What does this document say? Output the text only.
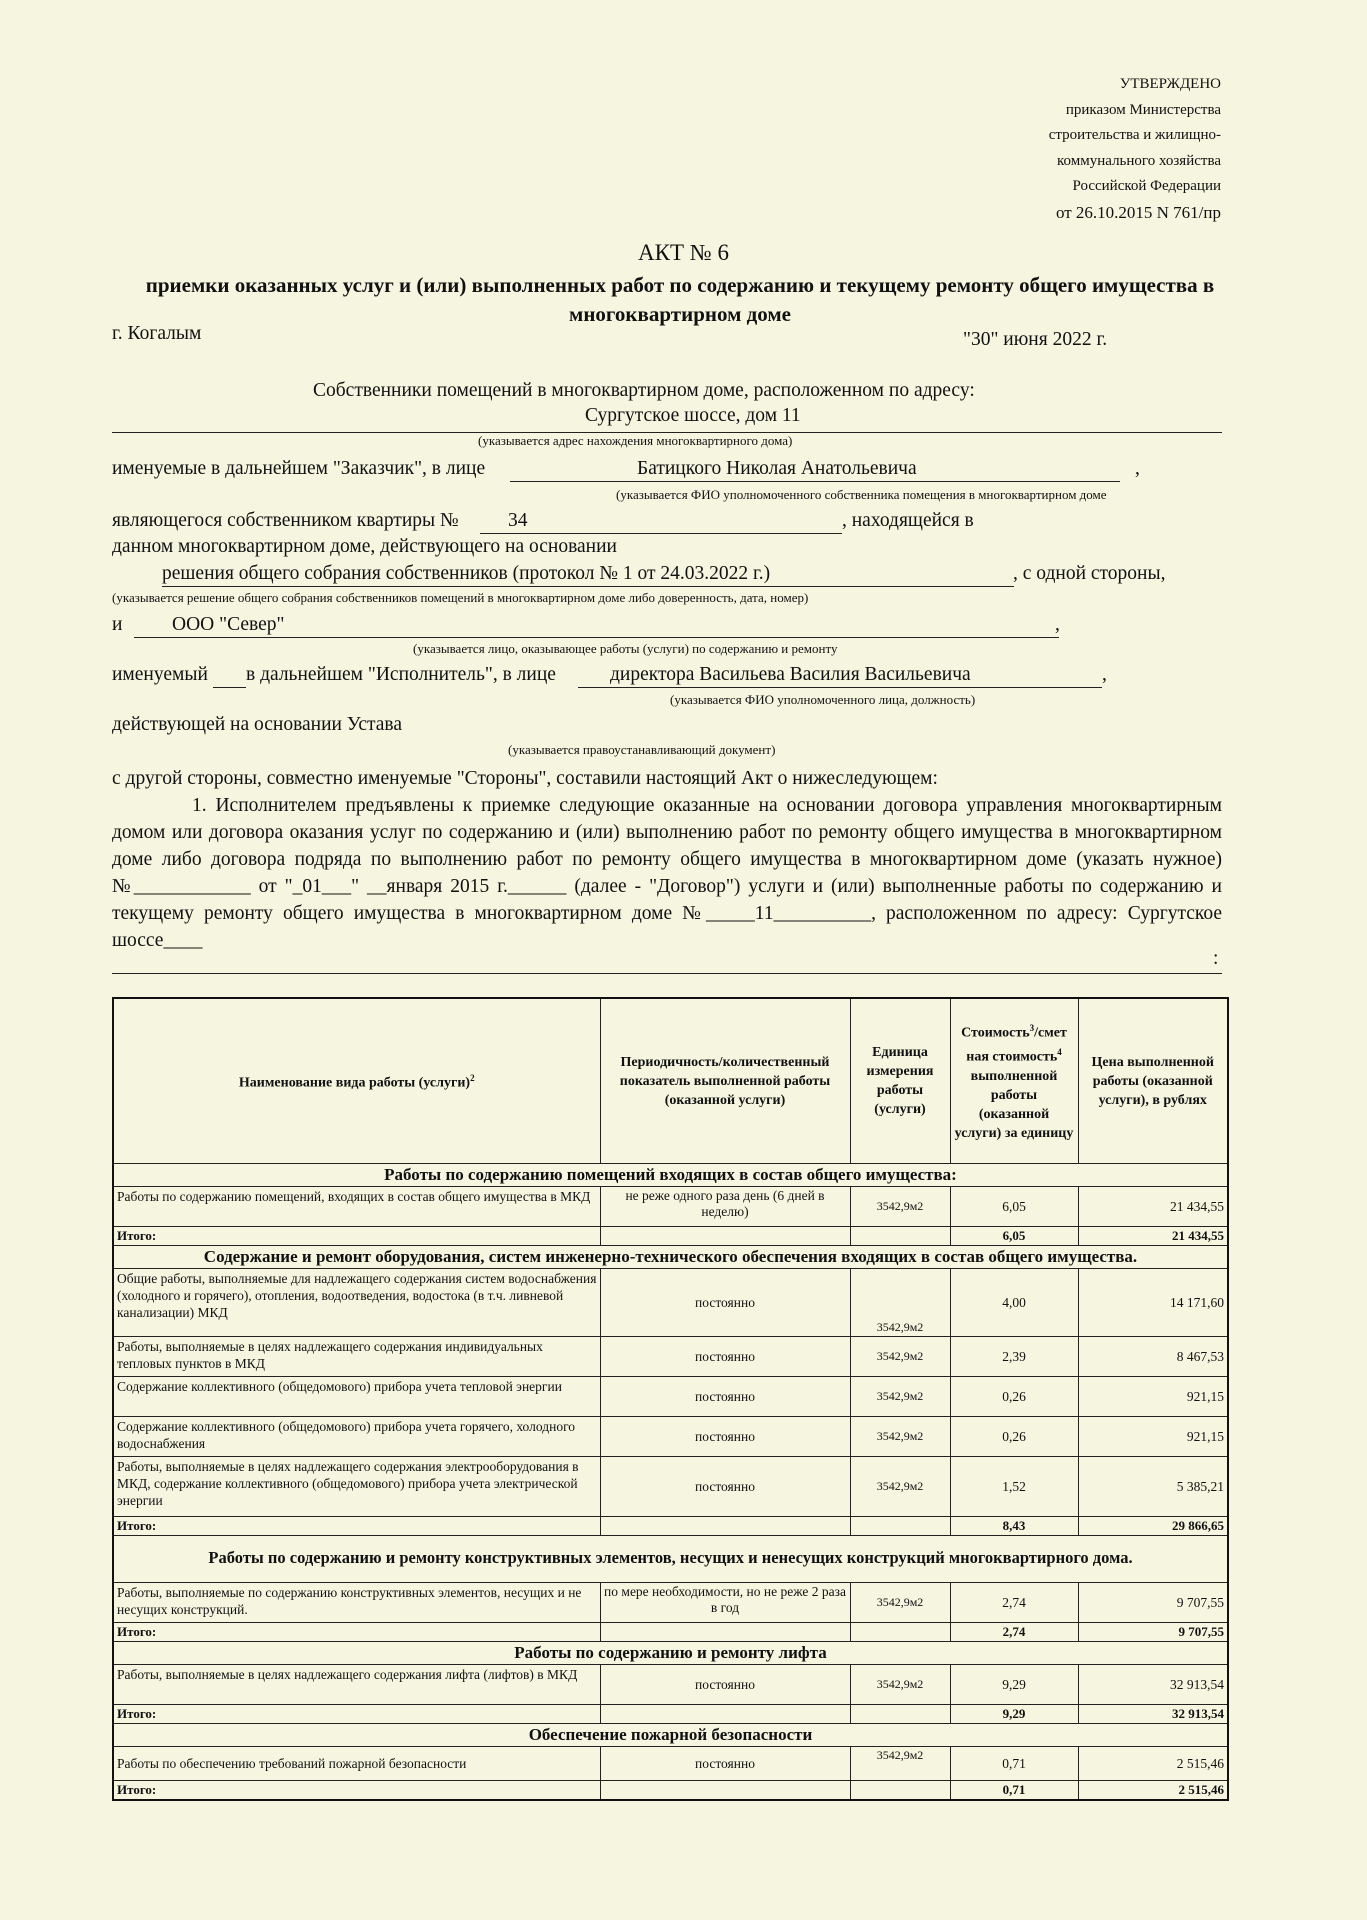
УТВЕРЖДЕНО
приказом Министерства
строительства и жилищно-
коммунального хозяйства
Российской Федерации
от 26.10.2015 N 761/пр
АКТ № 6
приемки оказанных услуг и (или) выполненных работ по содержанию и текущему ремонту общего имущества в многоквартирном доме
г. Когалым	"30" июня 2022 г.
Собственники помещений в многоквартирном доме, расположенном по адресу:
Сургутское шоссе, дом 11
(указывается адрес нахождения многоквартирного дома)
именуемые в дальнейшем "Заказчик", в лице	Батицкого Николая Анатольевича	,
(указывается ФИО уполномоченного собственника помещения в многоквартирном доме
являющегося собственником квартиры №	34	, находящейся в
данном многоквартирном доме, действующего на основании
решения общего собрания собственников (протокол № 1 от 24.03.2022 г.)	, с одной стороны,
(указывается решение общего собрания собственников помещений в многоквартирном доме либо доверенность, дата, номер)
и	ООО "Север"	,
(указывается лицо, оказывающее работы (услуги) по содержанию и ремонту
именуемый в дальнейшем "Исполнитель", в лице	директора Васильева Василия Васильевича	,
(указывается ФИО уполномоченного лица, должность)
действующей на основании Устава
(указывается правоустанавливающий документ)
с другой стороны, совместно именуемые "Стороны", составили настоящий Акт о нижеследующем:
1. Исполнителем предъявлены к приемке следующие оказанные на основании договора управления многоквартирным домом или договора оказания услуг по содержанию и (или) выполнению работ по ремонту общего имущества в многоквартирном доме либо договора подряда по выполнению работ по ремонту общего имущества в многоквартирном доме (указать нужное) №____________ от "_01___" __января 2015 г.______ (далее - "Договор") услуги и (или) выполненные работы по содержанию и текущему ремонту общего имущества в многоквартирном доме №_____11__________, расположенном по адресу: Сургутское шоссе____
:
Наименование вида работы (услуги)$^2$	Периодичность/количественный показатель выполненной работы (оказанной услуги)	Единица измерения работы (услуги)	Стоимость$^3$/смет ная стоимость$^4$ выполненной работы (оказанной услуги) за единицу	Цена выполненной работы (оказанной услуги), в рублях
Работы по содержанию помещений входящих в состав общего имущества:				
Работы по содержанию помещений, входящих в состав общего имущества в МКД	не реже одного раза день (6 дней в неделю)	3542,9м2	6,05	21 434,55
Итого:			6,05	21 434,55
Содержание и ремонт оборудования, систем инженерно-технического обеспечения входящих в состав общего имущества.				
Общие работы, выполняемые для надлежащего содержания систем водоснабжения (холодного и горячего), отопления, водоотведения, водостока (в т.ч. ливневой канализации) МКД	постоянно	3542,9м2	4,00	14 171,60
Работы, выполняемые в целях надлежащего содержания индивидуальных тепловых пунктов в МКД	постоянно	3542,9м2	2,39	8 467,53
Содержание коллективного (общедомового) прибора учета тепловой энергии	постоянно	3542,9м2	0,26	921,15
Содержание коллективного (общедомового) прибора учета горячего, холодного водоснабжения	постоянно	3542,9м2	0,26	921,15
Работы, выполняемые в целях надлежащего содержания электрооборудования в МКД, содержание коллективного (общедомового) прибора учета электрической энергии	постоянно	3542,9м2	1,52	5 385,21
Итого:			8,43	29 866,65
Работы по содержанию и ремонту конструктивных элементов, несущих и ненесущих конструкций многоквартирного дома.				
Работы, выполняемые по содержанию конструктивных элементов, несущих и не несущих конструкций.	по мере необходимости, но не реже 2 раза в год	3542,9м2	2,74	9 707,55
Итого:			2,74	9 707,55
Работы по содержанию и ремонту лифта				
Работы, выполняемые в целях надлежащего содержания лифта (лифтов) в МКД	постоянно	3542,9м2	9,29	32 913,54
Итого:			9,29	32 913,54
Обеспечение пожарной безопасности				
Работы по обеспечению требований пожарной безопасности	постоянно	3542,9м2	0,71	2 515,46
Итого:			0,71	2 515,46
